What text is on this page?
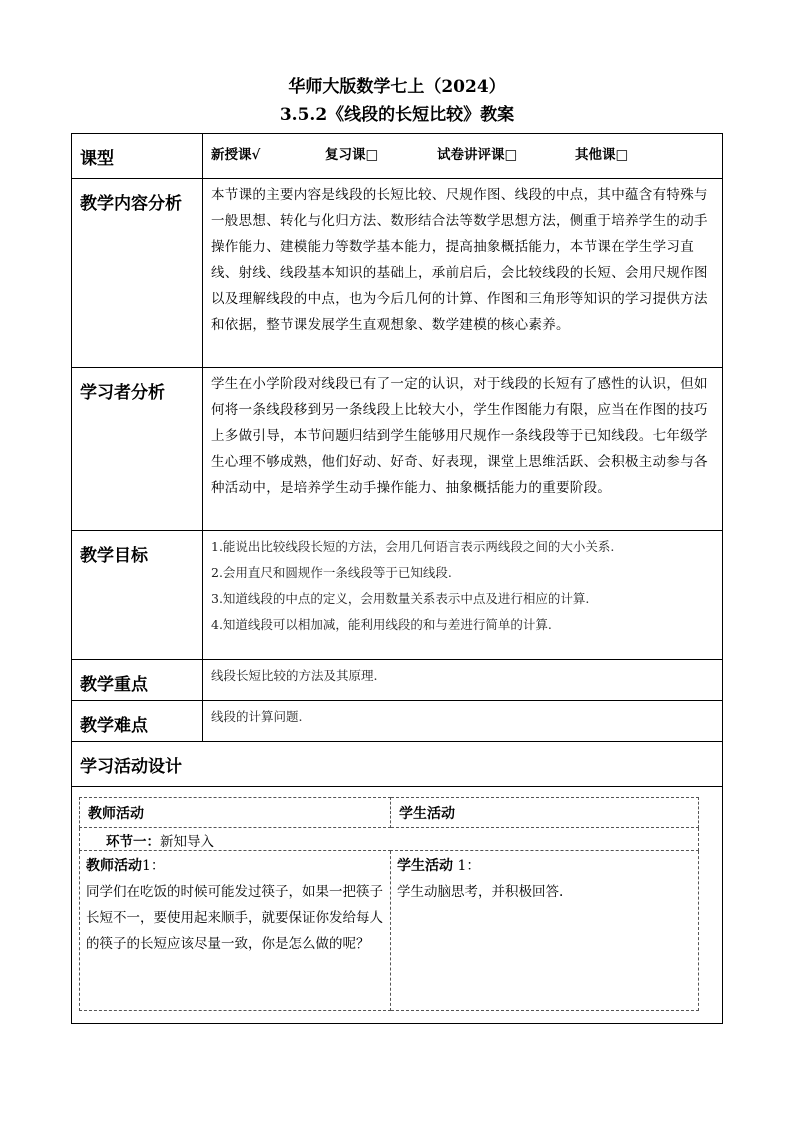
华师大版数学七上（2024）
3.5.2《线段的长短比较》教案
课型	新授课√	复习课□	试卷讲评课□	其他课□
教学内容分析	本节课的主要内容是线段的长短比较、尺规作图、线段的中点，其中蕴含有特殊与一般思想、转化与化归方法、数形结合法等数学思想方法，侧重于培养学生的动手操作能力、建模能力等数学基本能力，提高抽象概括能力，本节课在学生学习直线、射线、线段基本知识的基础上，承前启后，会比较线段的长短、会用尺规作图以及理解线段的中点，也为今后几何的计算、作图和三角形等知识的学习提供方法和依据，整节课发展学生直观想象、数学建模的核心素养。
学习者分析	学生在小学阶段对线段已有了一定的认识，对于线段的长短有了感性的认识，但如何将一条线段移到另一条线段上比较大小，学生作图能力有限，应当在作图的技巧上多做引导，本节问题归结到学生能够用尺规作一条线段等于已知线段。七年级学生心理不够成熟，他们好动、好奇、好表现，课堂上思维活跃、会积极主动参与各种活动中，是培养学生动手操作能力、抽象概括能力的重要阶段。
教学目标	1.能说出比较线段长短的方法，会用几何语言表示两线段之间的大小关系.
2.会用直尺和圆规作一条线段等于已知线段.
3.知道线段的中点的定义，会用数量关系表示中点及进行相应的计算.
4.知道线段可以相加减，能利用线段的和与差进行简单的计算.

教学重点	线段长短比较的方法及其原理.
教学难点	线段的计算问题.
学习活动设计

教师活动	学生活动
环节一：新知导入

教师活动1：
同学们在吃饭的时候可能发过筷子，如果一把筷子长短不一，要使用起来顺手，就要保证你发给每人的筷子的长短应该尽量一致，你是怎么做的呢？

学生活动 1：
学生动脑思考，并积极回答.
